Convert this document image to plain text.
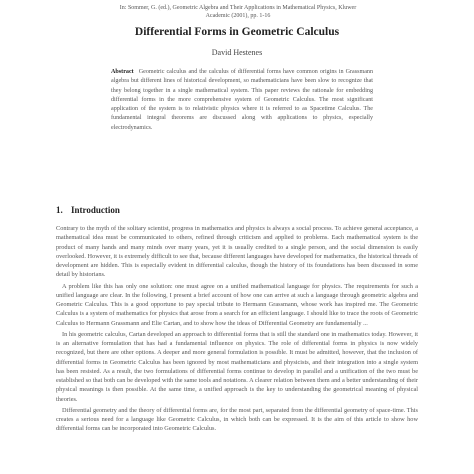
In: Sommer, G. (ed.), Geometric Algebra and Their Applications in Mathematical Physics, Kluwer Academic (2001), pp. 1-16
Differential Forms in Geometric Calculus
David Hestenes
Abstract Geometric calculus and the calculus of differential forms have common origins in Grassmann algebra but different lines of historical development, so mathematicians have been slow to recognize that they belong together in a single mathematical system. This paper reviews the rationale for embedding differential forms in the more comprehensive system of Geometric Calculus. The most significant application of the system is to relativistic physics where it is referred to as Spacetime Calculus. The fundamental integral theorems are discussed along with applications to physics, especially electrodynamics.
1. Introduction

Contrary to the myth of the solitary scientist, progress in mathematics and physics is always a social process. To achieve general acceptance, a mathematical idea must be communicated to others, refined through criticism and applied to problems. Each mathematical system is the product of many hands and many minds over many years, yet it is usually credited to a single person, and the social dimension is easily overlooked. However, it is extremely difficult to see that, because different languages have developed for mathematics, the historical threads of development are hidden. This is especially evident in differential calculus, though the history of its foundations has been discussed in some detail by historians.

A problem like this has only one solution: one must agree on a unified mathematical language for physics. The requirements for such a unified language are clear. In the following, I present a brief account of how one can arrive at such a language through geometric algebra and Geometric Calculus. This is a good opportune to pay special tribute to Hermann Grassmann, whose work has inspired me. The Geometric Calculus is a system of mathematics for physics that arose from a search for an efficient language. I should like to trace the roots of Geometric Calculus to Hermann Grassmann and Elie Cartan, and to show how the ideas of Differential Geometry are fundamentally ...

In his geometric calculus, Cartan developed an approach to differential forms that is still the standard one in mathematics today. However, it is an alternative formulation that has had a fundamental influence on physics. The role of differential forms in physics is now widely recognized, but there are other options. A deeper and more general formulation is possible. It must be admitted, however, that the inclusion of differential forms in Geometric Calculus has been ignored by most mathematicians and physicists, and their integration into a single system has been resisted. As a result, the two formulations of differential forms continue to develop in parallel and a unification of the two must be established so that both can be developed with the same tools and notations. A clearer relation between them and a better understanding of their physical meanings is then possible. At the same time, a unified approach is the key to understanding the geometrical meaning of physical theories.

Differential geometry and the theory of differential forms are, for the most part, separated from the differential geometry of space-time. This creates a serious need for a language like Geometric Calculus, in which both can be expressed. It is the aim of this article to show how differential forms can be incorporated into Geometric Calculus.
